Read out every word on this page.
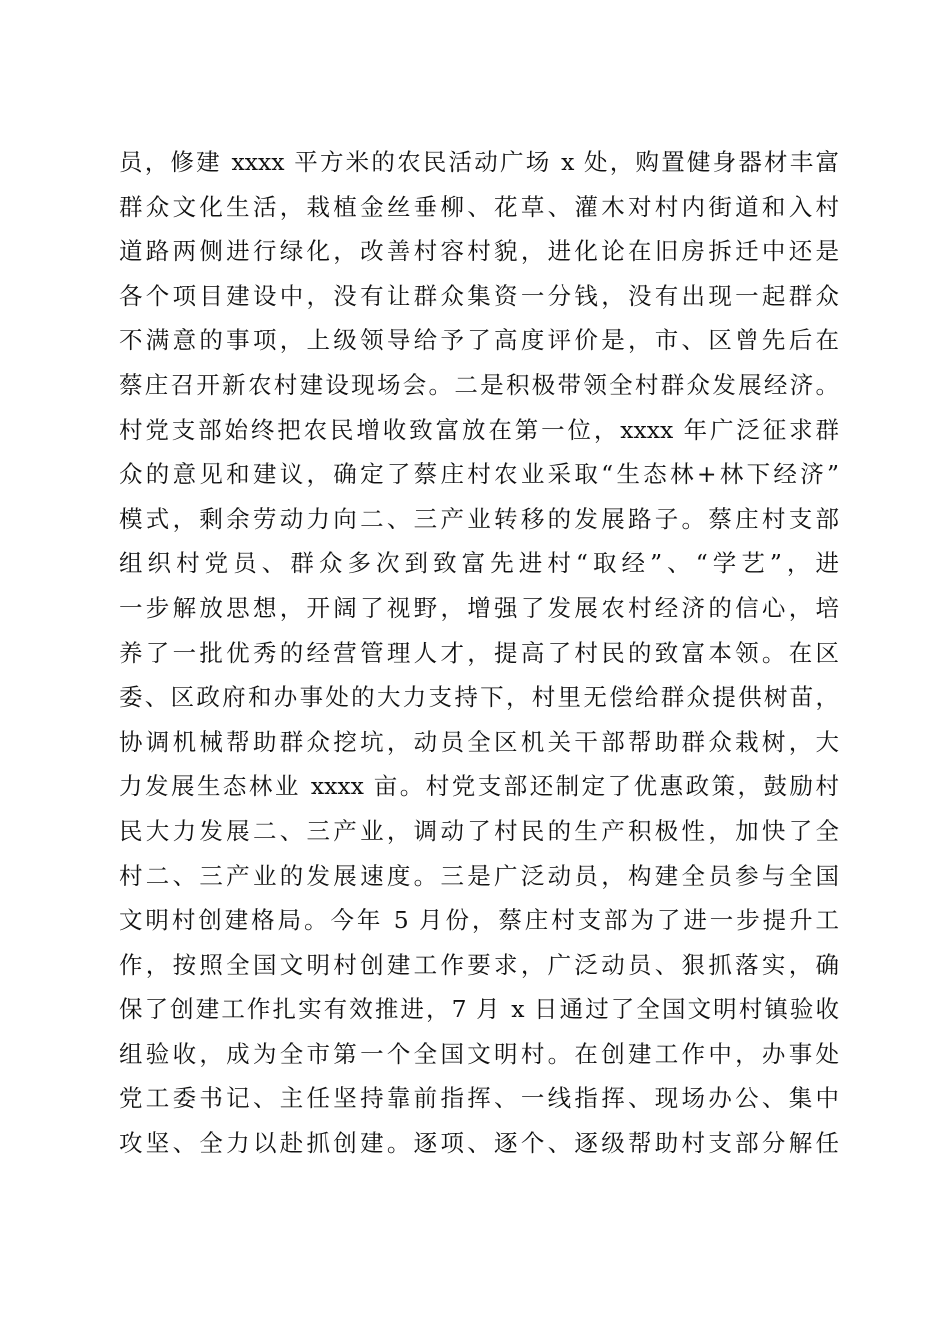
员，修建 xxxx 平方米的农民活动广场 x 处，购置健身器材丰富
群众文化生活，栽植金丝垂柳、花草、灌木对村内街道和入村
道路两侧进行绿化，改善村容村貌，进化论在旧房拆迁中还是
各个项目建设中，没有让群众集资一分钱，没有出现一起群众
不满意的事项，上级领导给予了高度评价是，市、区曾先后在
蔡庄召开新农村建设现场会。二是积极带领全村群众发展经济。
村党支部始终把农民增收致富放在第一位，xxxx 年广泛征求群
众的意见和建议，确定了蔡庄村农业采取“生态林+林下经济”
模式，剩余劳动力向二、三产业转移的发展路子。蔡庄村支部
组织村党员、群众多次到致富先进村“取经”、“学艺”，进
一步解放思想，开阔了视野，增强了发展农村经济的信心，培
养了一批优秀的经营管理人才，提高了村民的致富本领。在区
委、区政府和办事处的大力支持下，村里无偿给群众提供树苗，
协调机械帮助群众挖坑，动员全区机关干部帮助群众栽树，大
力发展生态林业 xxxx 亩。村党支部还制定了优惠政策，鼓励村
民大力发展二、三产业，调动了村民的生产积极性，加快了全
村二、三产业的发展速度。三是广泛动员，构建全员参与全国
文明村创建格局。今年 5 月份，蔡庄村支部为了进一步提升工
作，按照全国文明村创建工作要求，广泛动员、狠抓落实，确
保了创建工作扎实有效推进，7 月 x 日通过了全国文明村镇验收
组验收，成为全市第一个全国文明村。在创建工作中，办事处
党工委书记、主任坚持靠前指挥、一线指挥、现场办公、集中
攻坚、全力以赴抓创建。逐项、逐个、逐级帮助村支部分解任
